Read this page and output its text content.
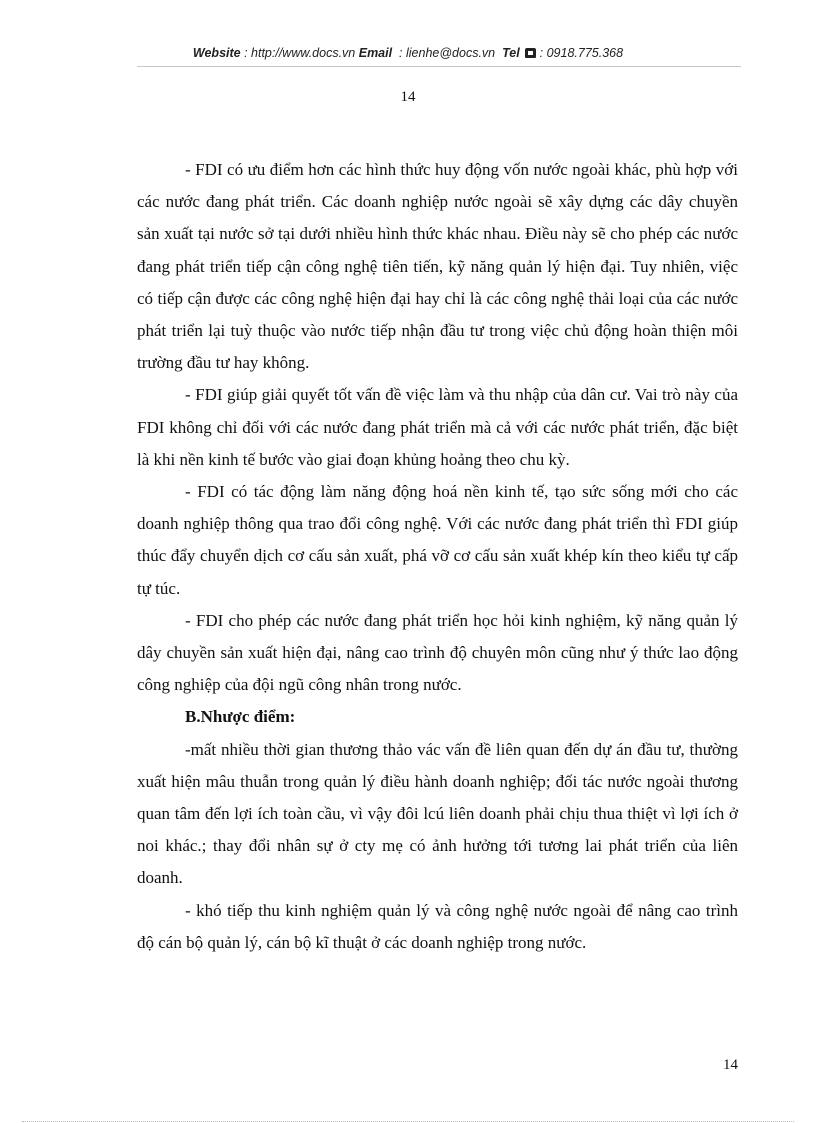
Website : http://www.docs.vn Email  : lienhe@docs.vn Tel  : 0918.775.368
14

- FDI có ưu điểm hơn các hình thức huy động vốn nước ngoài khác, phù hợp với các nước đang phát triển. Các doanh nghiệp nước ngoài sẽ xây dựng các dây chuyền sản xuất tại nước sở tại dưới nhiều hình thức khác nhau. Điều này sẽ cho phép các nước đang phát triển tiếp cận công nghệ tiên tiến, kỹ năng quản lý hiện đại. Tuy nhiên, việc có tiếp cận được các công nghệ hiện đại hay chỉ là các công nghệ thải loại của các nước phát triển lại tuỳ thuộc vào nước tiếp nhận đầu tư trong việc chủ động hoàn thiện môi trường đầu tư hay không.

- FDI giúp giải quyết tốt vấn đề việc làm và thu nhập của dân cư. Vai trò này của FDI không chỉ đối với các nước đang phát triển mà cả với các nước phát triển, đặc biệt là khi nền kinh tế bước vào giai đoạn khủng hoảng theo chu kỳ.

- FDI có tác động làm năng động hoá nền kinh tế, tạo sức sống mới cho các doanh nghiệp thông qua trao đổi công nghệ. Với các nước đang phát triển thì FDI giúp thúc đẩy chuyển dịch cơ cấu sản xuất, phá vỡ cơ cấu sản xuất khép kín theo kiểu tự cấp tự túc.

- FDI cho phép các nước đang phát triển học hỏi kinh nghiệm, kỹ năng quản lý dây chuyền sản xuất hiện đại, nâng cao trình độ chuyên môn cũng như ý thức lao động công nghiệp của đội ngũ công nhân trong nước.

B.Nhược điểm:

-mất nhiều thời gian thương thảo vác vấn đề liên quan đến dự án đầu tư, thường xuất hiện mâu thuẫn trong quản lý điều hành doanh nghiệp; đối tác nước ngoài thương quan tâm đến lợi ích toàn cầu, vì vậy đôi lcú liên doanh phải chịu thua thiệt vì lợi ích ở noi khác.; thay đổi nhân sự ở cty mẹ có ảnh hưởng tới tương lai phát triển của liên doanh.

- khó tiếp thu kinh nghiệm quản lý và công nghệ nước ngoài để nâng cao trình độ cán bộ quản lý, cán bộ kĩ thuật ở các doanh nghiệp trong nước.

14
